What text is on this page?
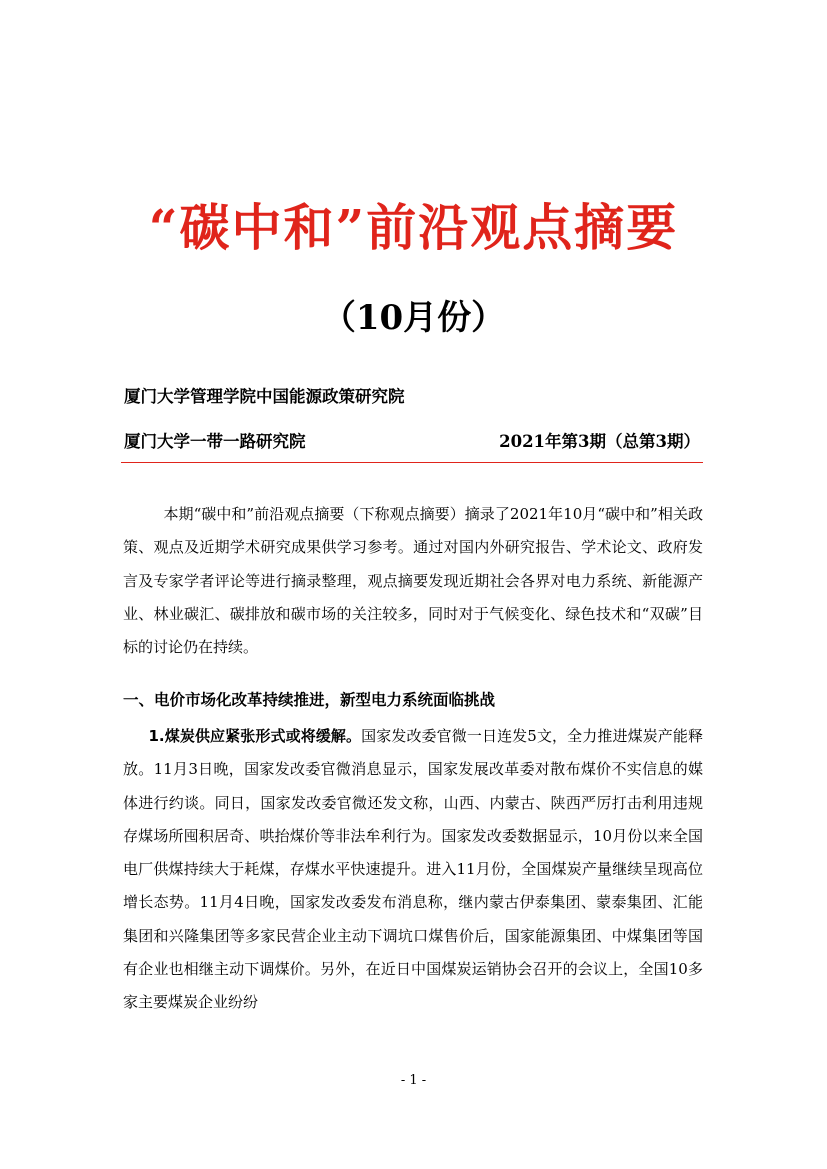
“碳中和”前沿观点摘要
（10月份）
厦门大学管理学院中国能源政策研究院
厦门大学一带一路研究院	2021年第3期（总第3期）
本期“碳中和”前沿观点摘要（下称观点摘要）摘录了2021年10月“碳中和”相关政策、观点及近期学术研究成果供学习参考。通过对国内外研究报告、学术论文、政府发言及专家学者评论等进行摘录整理，观点摘要发现近期社会各界对电力系统、新能源产业、林业碳汇、碳排放和碳市场的关注较多，同时对于气候变化、绿色技术和“双碳”目标的讨论仍在持续。
一、电价市场化改革持续推进，新型电力系统面临挑战
1.煤炭供应紧张形式或将缓解。国家发改委官微一日连发5文，全力推进煤炭产能释放。11月3日晚，国家发改委官微消息显示，国家发展改革委对散布煤价不实信息的媒体进行约谈。同日，国家发改委官微还发文称，山西、内蒙古、陕西严厉打击利用违规存煤场所囤积居奇、哄抬煤价等非法牟利行为。国家发改委数据显示，10月份以来全国电厂供煤持续大于耗煤，存煤水平快速提升。进入11月份，全国煤炭产量继续呈现高位增长态势。11月4日晚，国家发改委发布消息称，继内蒙古伊泰集团、蒙泰集团、汇能集团和兴隆集团等多家民营企业主动下调坑口煤售价后，国家能源集团、中煤集团等国有企业也相继主动下调煤价。另外，在近日中国煤炭运销协会召开的会议上，全国10多家主要煤炭企业纷纷
- 1 -
